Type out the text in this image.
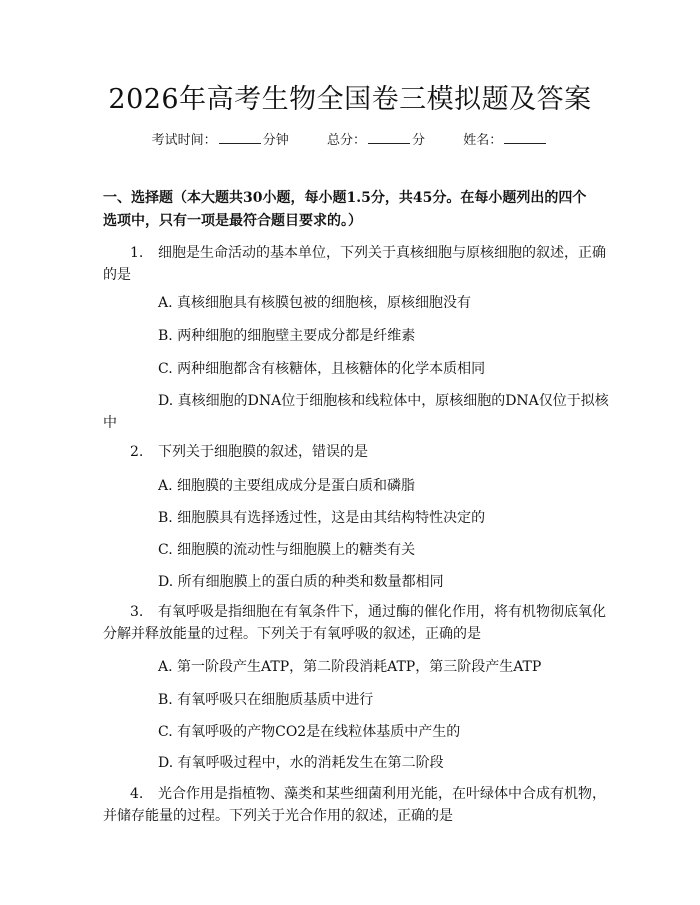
2026年高考生物全国卷三模拟题及答案
考试时间：	分钟	总分：	分	姓名：
一、选择题（本大题共30小题，每小题1.5分，共45分。在每小题列出的四个
选项中，只有一项是最符合题目要求的。）
1. 细胞是生命活动的基本单位，下列关于真核细胞与原核细胞的叙述，正确
的是
A. 真核细胞具有核膜包被的细胞核，原核细胞没有
B. 两种细胞的细胞壁主要成分都是纤维素
C. 两种细胞都含有核糖体，且核糖体的化学本质相同
D. 真核细胞的DNA位于细胞核和线粒体中，原核细胞的DNA仅位于拟核
中
2. 下列关于细胞膜的叙述，错误的是
A. 细胞膜的主要组成成分是蛋白质和磷脂
B. 细胞膜具有选择透过性，这是由其结构特性决定的
C. 细胞膜的流动性与细胞膜上的糖类有关
D. 所有细胞膜上的蛋白质的种类和数量都相同
3. 有氧呼吸是指细胞在有氧条件下，通过酶的催化作用，将有机物彻底氧化
分解并释放能量的过程。下列关于有氧呼吸的叙述，正确的是
A. 第一阶段产生ATP，第二阶段消耗ATP，第三阶段产生ATP
B. 有氧呼吸只在细胞质基质中进行
C. 有氧呼吸的产物CO2是在线粒体基质中产生的
D. 有氧呼吸过程中，水的消耗发生在第二阶段
4. 光合作用是指植物、藻类和某些细菌利用光能，在叶绿体中合成有机物，
并储存能量的过程。下列关于光合作用的叙述，正确的是
